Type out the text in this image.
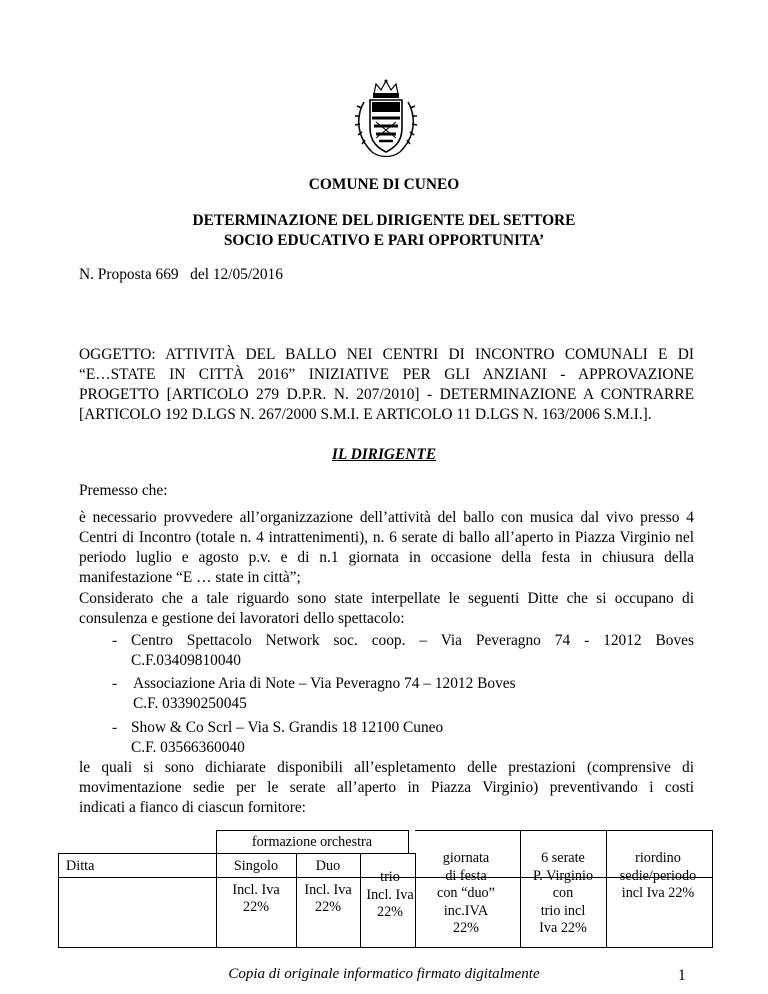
COMUNE DI CUNEO
DETERMINAZIONE DEL DIRIGENTE DEL SETTORE
SOCIO EDUCATIVO E PARI OPPORTUNITA’
N. Proposta 669 del 12/05/2016
OGGETTO: ATTIVITÀ DEL BALLO NEI CENTRI DI INCONTRO COMUNALI E DI
“E…STATE IN CITTÀ 2016” INIZIATIVE PER GLI ANZIANI - APPROVAZIONE
PROGETTO [ARTICOLO 279 D.P.R. N. 207/2010] - DETERMINAZIONE A CONTRARRE
[ARTICOLO 192 D.LGS N. 267/2000 S.M.I. E ARTICOLO 11 D.LGS N. 163/2006 S.M.I.].
IL DIRIGENTE
Premesso che:
è necessario provvedere all’organizzazione dell’attività del ballo con musica dal vivo presso 4
Centri di Incontro (totale n. 4 intrattenimenti), n. 6 serate di ballo all’aperto in Piazza Virginio nel
periodo luglio e agosto p.v. e di n.1 giornata in occasione della festa in chiusura della
manifestazione “E … state in città”;
Considerato che a tale riguardo sono state interpellate le seguenti Ditte che si occupano di
consulenza e gestione dei lavoratori dello spettacolo:
- Centro Spettacolo Network soc. coop. – Via Peveragno 74 - 12012 Boves
C.F.03409810040
- Associazione Aria di Note – Via Peveragno 74 – 12012 Boves
C.F. 03390250045
- Show & Co Scrl – Via S. Grandis 18 12100 Cuneo
C.F. 03566360040
le quali si sono dichiarate disponibili all’espletamento delle prestazioni (comprensive di
movimentazione sedie per le serate all’aperto in Piazza Virginio) preventivando i costi
indicati a fianco di ciascun fornitore:
formazione orchestra
Ditta	Singolo
Incl. Iva
22%
Duo
Incl. Iva
22%
trio
Incl. Iva
22%
giornata
di festa
con “duo”
inc.IVA
22%
6 serate
P. Virginio
con
trio incl
Iva 22%
riordino
sedie/periodo
incl Iva 22%
Copia di originale informatico firmato digitalmente	1
